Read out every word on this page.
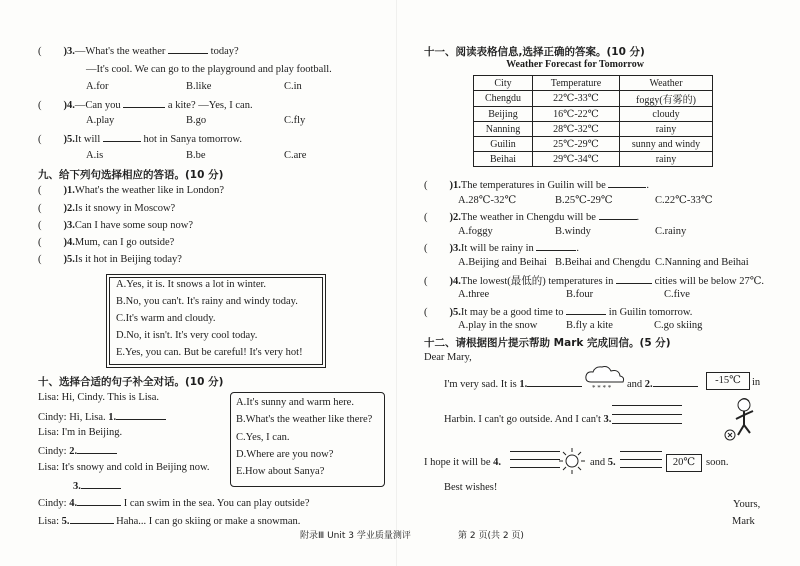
( )3.—What's the weather	today?
—It's cool. We can go to the playground and play football.
A.for	B.like	C.in
( )4.—Can you	a kite? —Yes, I can.
A.play	B.go	C.fly
( )5.It will	hot in Sanya tomorrow.
A.is	B.be	C.are
九、给下列句选择相应的答语。(10 分)
( )1.What's the weather like in London?
( )2.Is it snowy in Moscow?
( )3.Can I have some soup now?
( )4.Mum, can I go outside?
( )5.Is it hot in Beijing today?
A.Yes, it is. It snows a lot in winter.
B.No, you can't. It's rainy and windy today.
C.It's warm and cloudy.
D.No, it isn't. It's very cool today.
E.Yes, you can. But be careful! It's very hot!
十、选择合适的句子补全对话。(10 分)
Lisa: Hi, Cindy. This is Lisa.
Cindy: Hi, Lisa. 1.
Lisa: I'm in Beijing.
Cindy: 2.
Lisa: It's snowy and cold in Beijing now.
3.
Cindy: 4.	I can swim in the sea. You can play outside?
Lisa: 5.	Haha... I can go skiing or make a snowman.
A.It's sunny and warm here.
B.What's the weather like there?
C.Yes, I can.
D.Where are you now?
E.How about Sanya?
十一、阅读表格信息,选择正确的答案。(10 分)
Weather Forecast for Tomorrow
City	Temperature	Weather
Chengdu	22℃-33℃	foggy(有雾的)
Beijing	16℃-22℃	cloudy
Nanning	28℃-32℃	rainy
Guilin	25℃-29℃	sunny and windy
Beihai	29℃-34℃	rainy
( )1.The temperatures in Guilin will be	.
A.28℃-32℃	B.25℃-29℃	C.22℃-33℃
( )2.The weather in Chengdu will be	.
A.foggy	B.windy	C.rainy
( )3.It will be rainy in	.
A.Beijing and Beihai B.Beihai and Chengdu C.Nanning and Beihai
( )4.The lowest(最低的) temperatures in	cities will be below 27℃.
A.three	B.four	C.five
( )5.It may be a good time to	in Guilin tomorrow.
A.play in the snow	B.fly a kite	C.go skiing
十二、请根据图片提示帮助 Mark 完成回信。(5 分)
Dear Mary,
I'm very sad. It is 1.	* * * * and 2.	-15℃	in
Harbin. I can't go outside. And I can't 3.
I hope it will be 4.	and 5.	20℃	soon.
Best wishes!
Yours,
Mark
附录Ⅲ Unit 3 学业质量测评	第 2 页(共 2 页)
